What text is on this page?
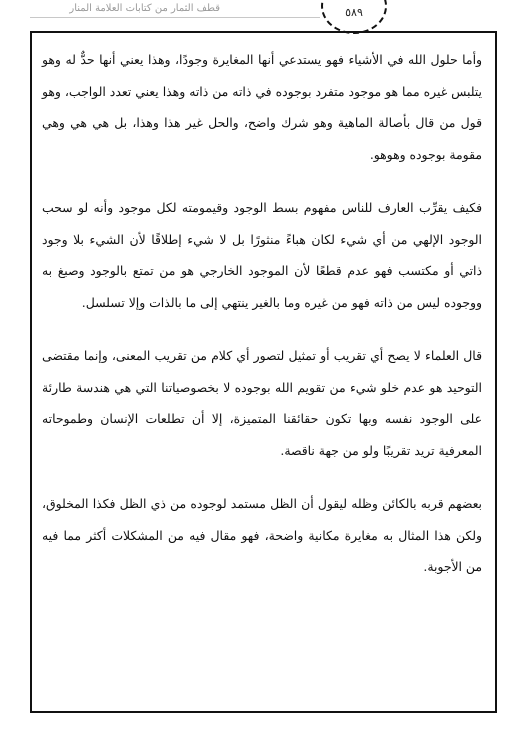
قطف الثمار من كتابات العلامة المنار	٥٨٩

وأما حلول الله في الأشياء فهو يستدعي أنها المغايرة وجودًا، وهذا يعني أنها حدٌّ له وهو يتلبس غيره مما هو موجود متفرد بوجوده في ذاته من ذاته وهذا يعني تعدد الواجب، وهو قول من قال بأصالة الماهية وهو شرك واضح، والحل غير هذا وهذا، بل هي هي وهي مقومة بوجوده وهوهو.

فكيف يقرِّب العارف للناس مفهوم بسط الوجود وقيمومته لكل موجود وأنه لو سحب الوجود الإلهي من أي شيء لكان هباءً منثورًا بل لا شيء إطلاقًا لأن الشيء بلا وجود ذاتي أو مكتسب فهو عدم قطعًا لأن الموجود الخارجي هو من تمتع بالوجود وصبغ به ووجوده ليس من ذاته فهو من غيره وما بالغير ينتهي إلى ما بالذات وإلا تسلسل.

قال العلماء لا يصح أي تقريب أو تمثيل لتصور أي كلام من تقريب المعنى، وإنما مقتضى التوحيد هو عدم خلو شيء من تقويم الله بوجوده لا بخصوصياتنا التي هي هندسة طارئة على الوجود نفسه وبها تكون حقائقنا المتميزة، إلا أن تطلعات الإنسان وطموحاته المعرفية تريد تقريبًا ولو من جهة ناقصة.

بعضهم قربه بالكائن وظله ليقول أن الظل مستمد لوجوده من ذي الظل فكذا المخلوق، ولكن هذا المثال به مغايرة مكانية واضحة، فهو مقال فيه من المشكلات أكثر مما فيه من الأجوبة.
